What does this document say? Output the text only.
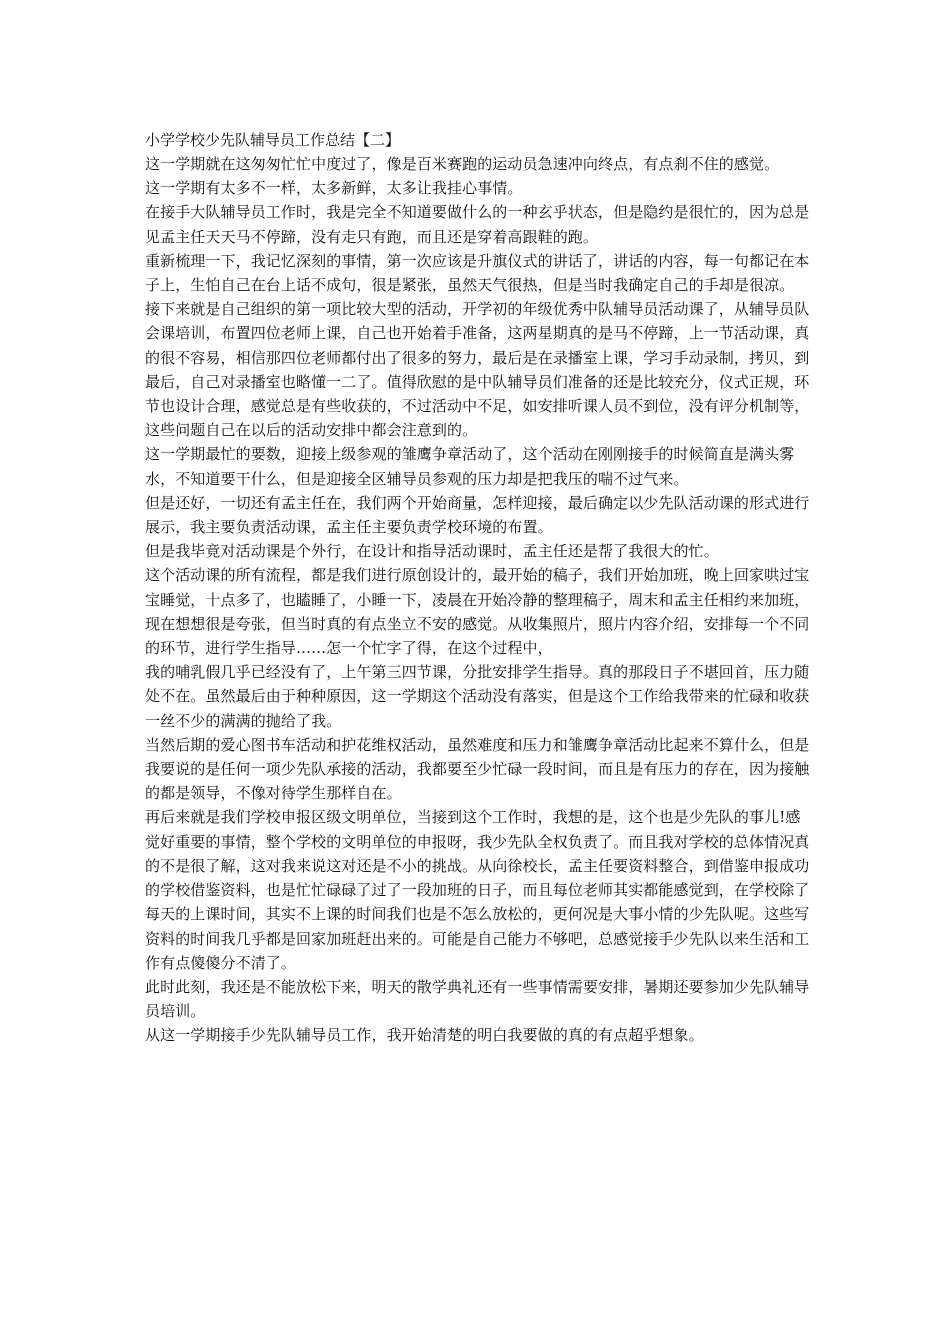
小学学校少先队辅导员工作总结【二】

这一学期就在这匆匆忙忙中度过了，像是百米赛跑的运动员急速冲向终点，有点刹不住的感觉。

这一学期有太多不一样，太多新鲜，太多让我挂心事情。

在接手大队辅导员工作时，我是完全不知道要做什么的一种玄乎状态，但是隐约是很忙的，因为总是见孟主任天天马不停蹄，没有走只有跑，而且还是穿着高跟鞋的跑。

重新梳理一下，我记忆深刻的事情，第一次应该是升旗仪式的讲话了，讲话的内容，每一句都记在本子上，生怕自己在台上话不成句，很是紧张，虽然天气很热，但是当时我确定自己的手却是很凉。

接下来就是自己组织的第一项比较大型的活动，开学初的年级优秀中队辅导员活动课了，从辅导员队会课培训，布置四位老师上课，自己也开始着手准备，这两星期真的是马不停蹄，上一节活动课，真的很不容易，相信那四位老师都付出了很多的努力，最后是在录播室上课，学习手动录制，拷贝，到最后，自己对录播室也略懂一二了。值得欣慰的是中队辅导员们准备的还是比较充分，仪式正规，环节也设计合理，感觉总是有些收获的，不过活动中不足，如安排听课人员不到位，没有评分机制等，这些问题自己在以后的活动安排中都会注意到的。

这一学期最忙的要数，迎接上级参观的雏鹰争章活动了，这个活动在刚刚接手的时候简直是满头雾水，不知道要干什么，但是迎接全区辅导员参观的压力却是把我压的喘不过气来。

但是还好，一切还有孟主任在，我们两个开始商量，怎样迎接，最后确定以少先队活动课的形式进行展示，我主要负责活动课，孟主任主要负责学校环境的布置。

但是我毕竟对活动课是个外行，在设计和指导活动课时，孟主任还是帮了我很大的忙。

这个活动课的所有流程，都是我们进行原创设计的，最开始的稿子，我们开始加班，晚上回家哄过宝宝睡觉，十点多了，也瞌睡了，小睡一下，凌晨在开始冷静的整理稿子，周末和孟主任相约来加班，现在想想很是夸张，但当时真的有点坐立不安的感觉。从收集照片，照片内容介绍，安排每一个不同的环节，进行学生指导……怎一个忙字了得，在这个过程中，

我的哺乳假几乎已经没有了，上午第三四节课，分批安排学生指导。真的那段日子不堪回首，压力随处不在。虽然最后由于种种原因，这一学期这个活动没有落实，但是这个工作给我带来的忙碌和收获一丝不少的满满的抛给了我。

当然后期的爱心图书车活动和护花维权活动，虽然难度和压力和雏鹰争章活动比起来不算什么，但是我要说的是任何一项少先队承接的活动，我都要至少忙碌一段时间，而且是有压力的存在，因为接触的都是领导，不像对待学生那样自在。

再后来就是我们学校申报区级文明单位，当接到这个工作时，我想的是，这个也是少先队的事儿!感觉好重要的事情，整个学校的文明单位的申报呀，我少先队全权负责了。而且我对学校的总体情况真的不是很了解，这对我来说这对还是不小的挑战。从向徐校长，孟主任要资料整合，到借鉴申报成功的学校借鉴资料，也是忙忙碌碌了过了一段加班的日子，而且每位老师其实都能感觉到，在学校除了每天的上课时间，其实不上课的时间我们也是不怎么放松的，更何况是大事小情的少先队呢。这些写资料的时间我几乎都是回家加班赶出来的。可能是自己能力不够吧，总感觉接手少先队以来生活和工作有点傻傻分不清了。

此时此刻，我还是不能放松下来，明天的散学典礼还有一些事情需要安排，暑期还要参加少先队辅导员培训。

从这一学期接手少先队辅导员工作，我开始清楚的明白我要做的真的有点超乎想象。
